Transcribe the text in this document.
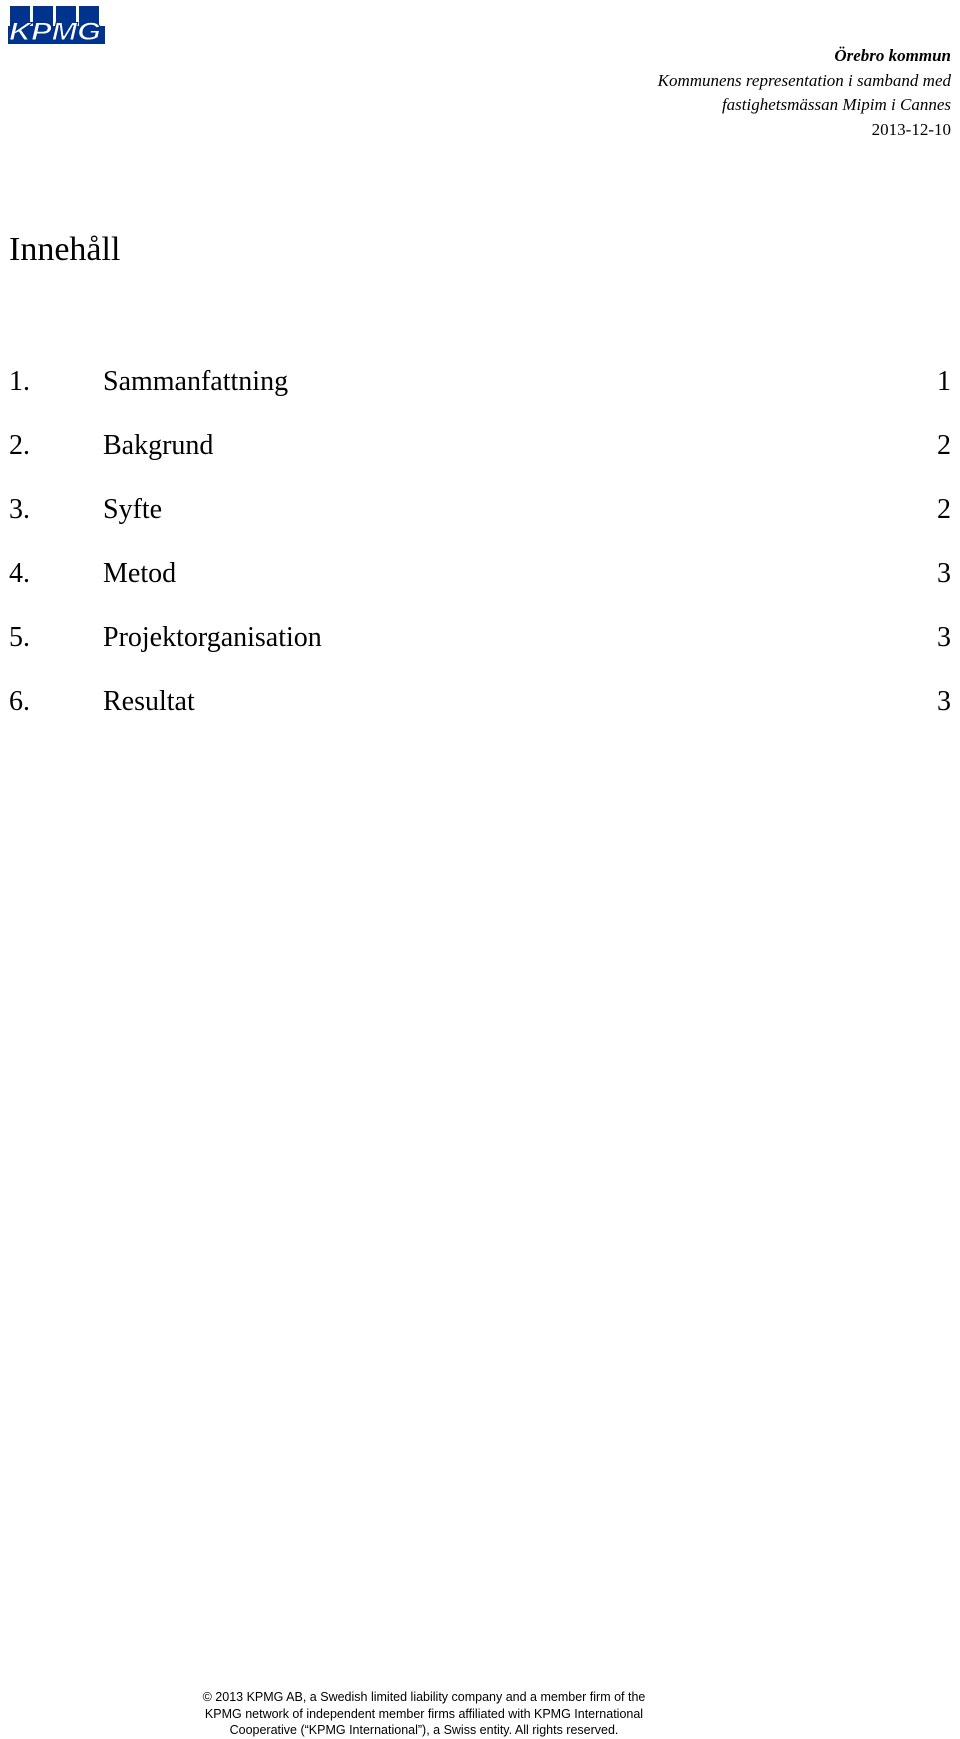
KPMG
Örebro kommun
Kommunens representation i samband med
fastighetsmässan Mipim i Cannes
2013-12-10
Innehåll
1.	Sammanfattning	1
2.	Bakgrund	2
3.	Syfte	2
4.	Metod	3
5.	Projektorganisation	3
6.	Resultat	3
© 2013 KPMG AB, a Swedish limited liability company and a member firm of the
KPMG network of independent member firms affiliated with KPMG International
Cooperative (“KPMG International”), a Swiss entity. All rights reserved.
